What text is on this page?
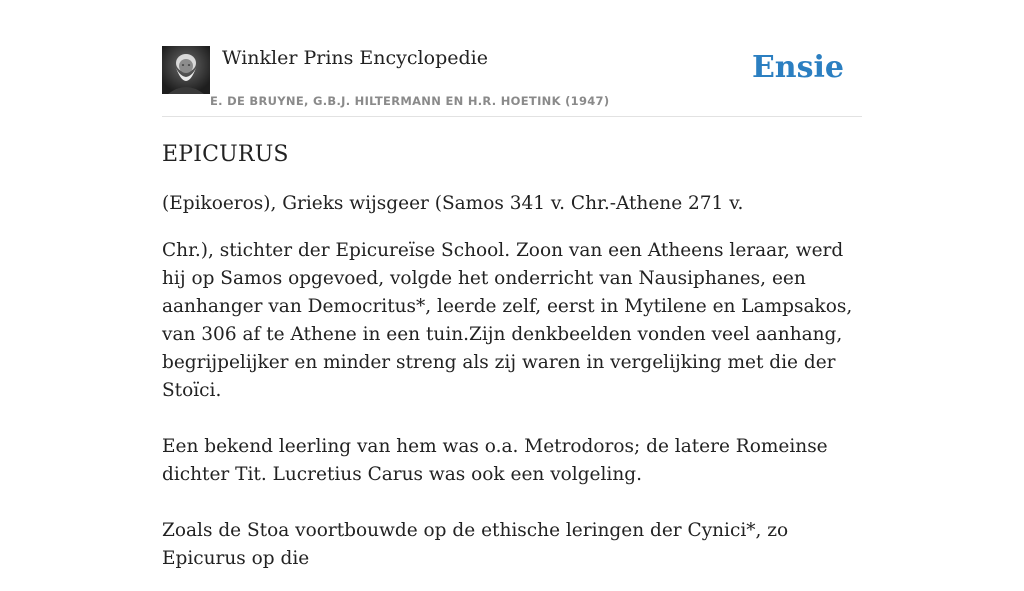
Winkler Prins Encyclopedie
E. DE BRUYNE, G.B.J. HILTERMANN EN H.R. HOETINK (1947)
Ensie
EPICURUS

(Epikoeros), Grieks wijsgeer (Samos 341 v. Chr.-Athene 271 v.

Chr.), stichter der Epicureïse School. Zoon van een Atheens leraar, werd hij op Samos opgevoed, volgde het onderricht van Nausiphanes, een aanhanger van Democritus*, leerde zelf, eerst in Mytilene en Lampsakos, van 306 af te Athene in een tuin.Zijn denkbeelden vonden veel aanhang, begrijpelijker en minder streng als zij waren in vergelijking met die der Stoïci.

Een bekend leerling van hem was o.a. Metrodoros; de latere Romeinse dichter Tit. Lucretius Carus was ook een volgeling.

Zoals de Stoa voortbouwde op de ethische leringen der Cynici*, zo Epicurus op die
